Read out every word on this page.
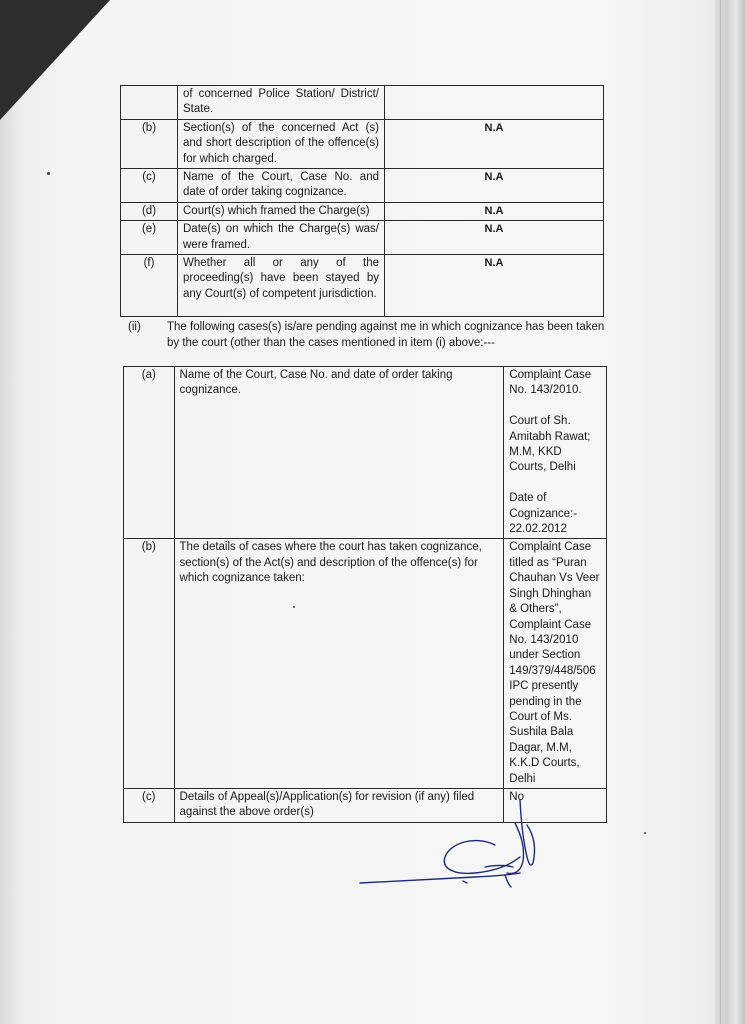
	of concerned Police Station/ District/ State.	
(b)	Section(s) of the concerned Act (s) and short description of the offence(s) for which charged.	N.A
(c)	Name of the Court, Case No. and date of order taking cognizance.	N.A
(d)	Court(s) which framed the Charge(s)	N.A
(e)	Date(s) on which the Charge(s) was/ were framed.	N.A
(f)	Whether all or any of the proceeding(s) have been stayed by any Court(s) of competent jurisdiction.	N.A
(ii)	The following cases(s) is/are pending against me in which cognizance has been taken by the court (other than the cases mentioned in item (i) above:---
(a)	Name of the Court, Case No. and date of order taking cognizance.	Complaint Case No. 143/2010.

Court of Sh. Amitabh Rawat; M.M, KKD Courts, Delhi

Date of Cognizance:- 22.02.2012
(b)	The details of cases where the court has taken cognizance, section(s) of the Act(s) and description of the offence(s) for which cognizance taken:	Complaint Case titled as “Puran Chauhan Vs Veer Singh Dhinghan & Others”, Complaint Case No. 143/2010 under Section 149/379/448/506 IPC presently pending in the Court of Ms. Sushila Bala Dagar, M.M, K.K.D Courts, Delhi
(c)	Details of Appeal(s)/Application(s) for revision (if any) filed against the above order(s)	No
